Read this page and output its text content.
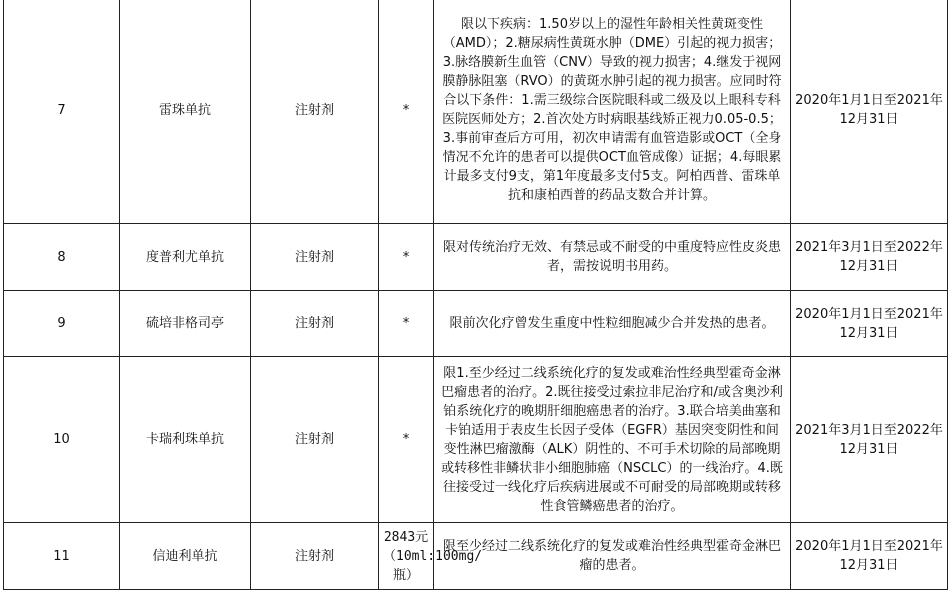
7	雷珠单抗	注射剂	*	限以下疾病：1.50岁以上的湿性年龄相关性黄斑变性（AMD）；2.糖尿病性黄斑水肿（DME）引起的视力损害；3.脉络膜新生血管（CNV）导致的视力损害；4.继发于视网膜静脉阻塞（RVO）的黄斑水肿引起的视力损害。应同时符合以下条件：1.需三级综合医院眼科或二级及以上眼科专科医院医师处方；2.首次处方时病眼基线矫正视力0.05-0.5；3.事前审查后方可用，初次申请需有血管造影或OCT（全身情况不允许的患者可以提供OCT血管成像）证据；4.每眼累计最多支付9支，第1年度最多支付5支。阿柏西普、雷珠单抗和康柏西普的药品支数合并计算。	2020年1月1日至2021年12月31日
8	度普利尤单抗	注射剂	*	限对传统治疗无效、有禁忌或不耐受的中重度特应性皮炎患者，需按说明书用药。	2021年3月1日至2022年12月31日
9	硫培非格司亭	注射剂	*	限前次化疗曾发生重度中性粒细胞减少合并发热的患者。	2020年1月1日至2021年12月31日
10	卡瑞利珠单抗	注射剂	*	限1.至少经过二线系统化疗的复发或难治性经典型霍奇金淋巴瘤患者的治疗。2.既往接受过索拉非尼治疗和/或含奥沙利铂系统化疗的晚期肝细胞癌患者的治疗。3.联合培美曲塞和卡铂适用于表皮生长因子受体（EGFR）基因突变阴性和间变性淋巴瘤激酶（ALK）阴性的、不可手术切除的局部晚期或转移性非鳞状非小细胞肺癌（NSCLC）的一线治疗。4.既往接受过一线化疗后疾病进展或不可耐受的局部晚期或转移性食管鳞癌患者的治疗。	2021年3月1日至2022年12月31日
11	信迪利单抗	注射剂	2843元（10ml:100mg/瓶）	限至少经过二线系统化疗的复发或难治性经典型霍奇金淋巴瘤的患者。	2020年1月1日至2021年12月31日
